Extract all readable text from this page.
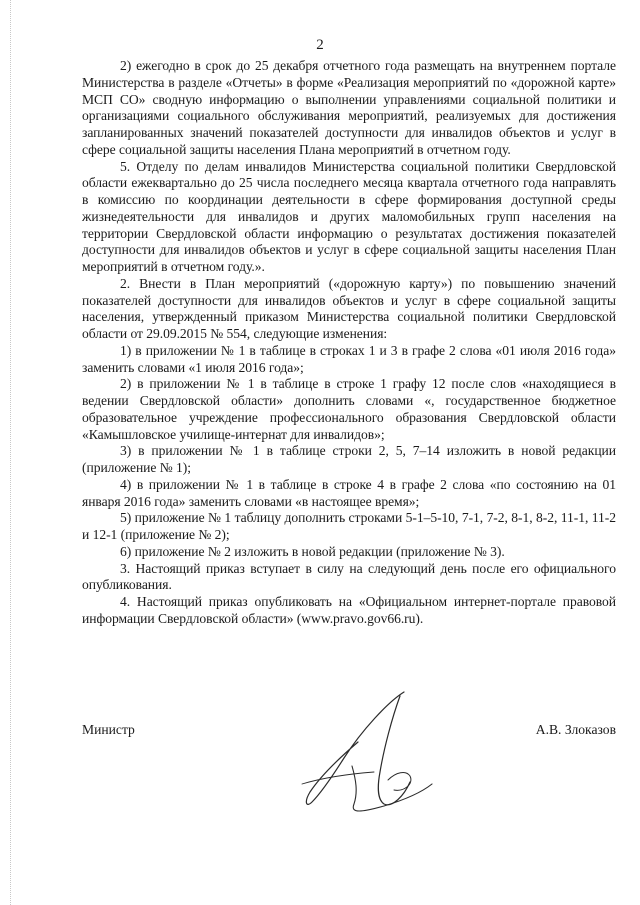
2

2) ежегодно в срок до 25 декабря отчетного года размещать на внутреннем портале Министерства в разделе «Отчеты» в форме «Реализация мероприятий по «дорожной карте» МСП СО» сводную информацию о выполнении управлениями социальной политики и организациями социального обслуживания мероприятий, реализуемых для достижения запланированных значений показателей доступности для инвалидов объектов и услуг в сфере социальной защиты населения Плана мероприятий в отчетном году.

5. Отделу по делам инвалидов Министерства социальной политики Свердловской области ежеквартально до 25 числа последнего месяца квартала отчетного года направлять в комиссию по координации деятельности в сфере формирования доступной среды жизнедеятельности для инвалидов и других маломобильных групп населения на территории Свердловской области информацию о результатах достижения показателей доступности для инвалидов объектов и услуг в сфере социальной защиты населения План мероприятий в отчетном году.».

2. Внести в План мероприятий («дорожную карту») по повышению значений показателей доступности для инвалидов объектов и услуг в сфере социальной защиты населения, утвержденный приказом Министерства социальной политики Свердловской области от 29.09.2015 № 554, следующие изменения:

1) в приложении № 1 в таблице в строках 1 и 3 в графе 2 слова «01 июля 2016 года» заменить словами «1 июля 2016 года»;

2) в приложении № 1 в таблице в строке 1 графу 12 после слов «находящиеся в ведении Свердловской области» дополнить словами «, государственное бюджетное образовательное учреждение профессионального образования Свердловской области «Камышловское училище-интернат для инвалидов»;

3) в приложении № 1 в таблице строки 2, 5, 7–14 изложить в новой редакции (приложение № 1);

4) в приложении № 1 в таблице в строке 4 в графе 2 слова «по состоянию на 01 января 2016 года» заменить словами «в настоящее время»;

5) приложение № 1 таблицу дополнить строками 5-1–5-10, 7-1, 7-2, 8-1, 8-2, 11-1, 11-2 и 12-1 (приложение № 2);

6) приложение № 2 изложить в новой редакции (приложение № 3).

3. Настоящий приказ вступает в силу на следующий день после его официального опубликования.

4. Настоящий приказ опубликовать на «Официальном интернет-портале правовой информации Свердловской области» (www.pravo.gov66.ru).

Министр	А.В. Злоказов
